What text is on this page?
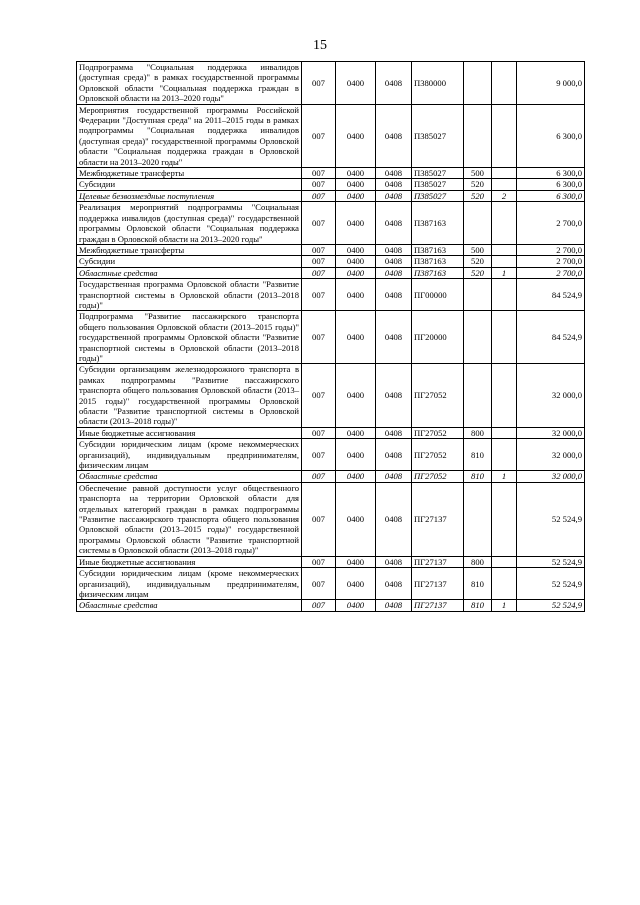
15
Подпрограмма "Социальная поддержка инвалидов (доступная среда)" в рамках государственной программы Орловской области "Социальная поддержка граждан в Орловской области на 2013–2020 годы"	007	0400	0408	П380000			9 000,0
Мероприятия государственной программы Российской Федерации "Доступная среда" на 2011–2015 годы в рамках подпрограммы "Социальная поддержка инвалидов (доступная среда)" государственной программы Орловской области "Социальная поддержка граждан в Орловской области на 2013–2020 годы"	007	0400	0408	П385027			6 300,0
Межбюджетные трансферты	007	0400	0408	П385027	500		6 300,0
Субсидии	007	0400	0408	П385027	520		6 300,0
Целевые безвозмездные поступления	007	0400	0408	П385027	520	2	6 300,0
Реализация мероприятий подпрограммы "Социальная поддержка инвалидов (доступная среда)" государственной программы Орловской области "Социальная поддержка граждан в Орловской области на 2013–2020 годы"	007	0400	0408	П387163			2 700,0
Межбюджетные трансферты	007	0400	0408	П387163	500		2 700,0
Субсидии	007	0400	0408	П387163	520		2 700,0
Областные средства	007	0400	0408	П387163	520	1	2 700,0
Государственная программа Орловской области "Развитие транспортной системы в Орловской области (2013–2018 годы)"	007	0400	0408	ПГ00000			84 524,9
Подпрограмма "Развитие пассажирского транспорта общего пользования Орловской области (2013–2015 годы)" государственной программы Орловской области "Развитие транспортной системы в Орловской области (2013–2018 годы)"	007	0400	0408	ПГ20000			84 524,9
Субсидии организациям железнодорожного транспорта в рамках подпрограммы "Развитие пассажирского транспорта общего пользования Орловской области (2013–2015 годы)" государственной программы Орловской области "Развитие транспортной системы в Орловской области (2013–2018 годы)"	007	0400	0408	ПГ27052			32 000,0
Иные бюджетные ассигнования	007	0400	0408	ПГ27052	800		32 000,0
Субсидии юридическим лицам (кроме некоммерческих организаций), индивидуальным предпринимателям, физическим лицам	007	0400	0408	ПГ27052	810		32 000,0
Областные средства	007	0400	0408	ПГ27052	810	1	32 000,0
Обеспечение равной доступности услуг общественного транспорта на территории Орловской области для отдельных категорий граждан в рамках подпрограммы "Развитие пассажирского транспорта общего пользования Орловской области (2013–2015 годы)" государственной программы Орловской области "Развитие транспортной системы в Орловской области (2013–2018 годы)"	007	0400	0408	ПГ27137			52 524,9
Иные бюджетные ассигнования	007	0400	0408	ПГ27137	800		52 524,9
Субсидии юридическим лицам (кроме некоммерческих организаций), индивидуальным предпринимателям, физическим лицам	007	0400	0408	ПГ27137	810		52 524,9
Областные средства	007	0400	0408	ПГ27137	810	1	52 524,9
